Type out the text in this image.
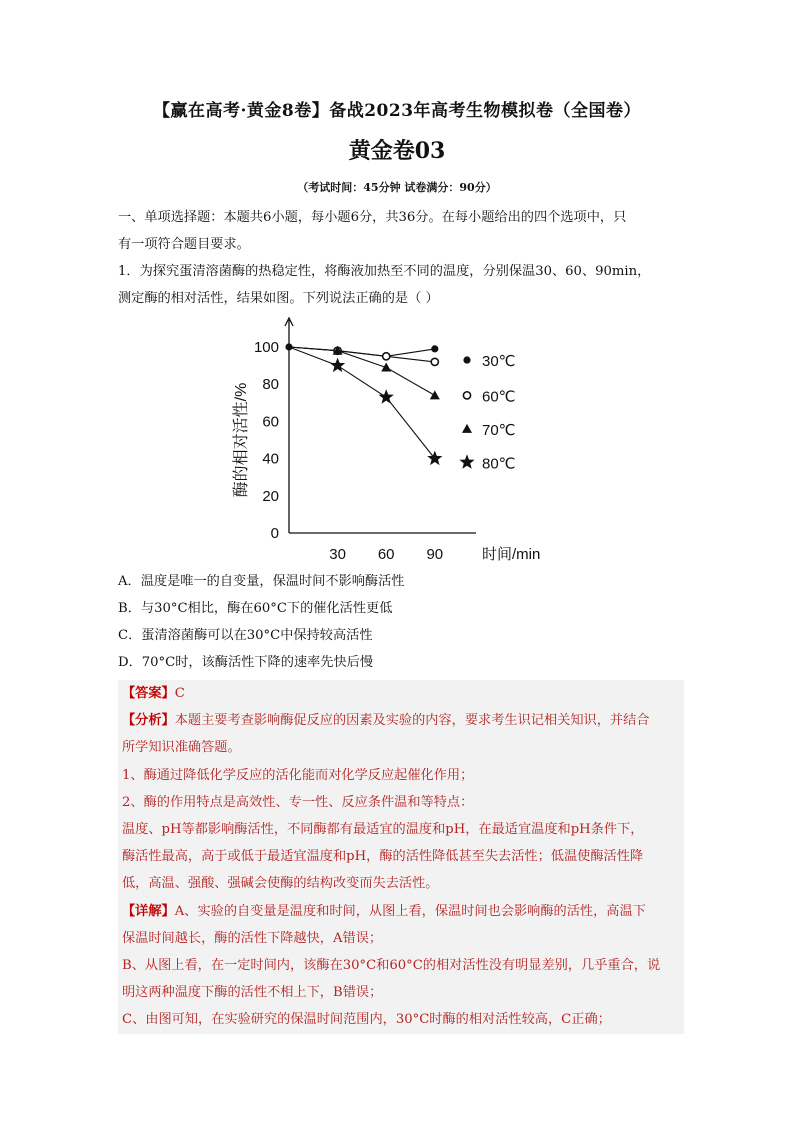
【赢在高考·黄金8卷】备战2023年高考生物模拟卷（全国卷）
黄金卷03
（考试时间：45分钟 试卷满分：90分）
一、单项选择题：本题共6小题，每小题6分，共36分。在每小题给出的四个选项中，只
有一项符合题目要求。
1．为探究蛋清溶菌酶的热稳定性，将酶液加热至不同的温度，分别保温30、60、90min，
测定酶的相对活性，结果如图。下列说法正确的是（ ）
0
20
40
60
80
100
30 60 90	时间/min
酶的相对活性/%
30℃
60℃
70℃
80℃
A．温度是唯一的自变量，保温时间不影响酶活性
B．与30°C相比，酶在60°C下的催化活性更低
C．蛋清溶菌酶可以在30°C中保持较高活性
D．70°C时，该酶活性下降的速率先快后慢
【答案】C
【分析】本题主要考查影响酶促反应的因素及实验的内容，要求考生识记相关知识，并结合
所学知识准确答题。
1、酶通过降低化学反应的活化能而对化学反应起催化作用；
2、酶的作用特点是高效性、专一性、反应条件温和等特点：
温度、pH等都影响酶活性，不同酶都有最适宜的温度和pH，在最适宜温度和pH条件下，
酶活性最高，高于或低于最适宜温度和pH，酶的活性降低甚至失去活性；低温使酶活性降
低，高温、强酸、强碱会使酶的结构改变而失去活性。
【详解】A、实验的自变量是温度和时间，从图上看，保温时间也会影响酶的活性，高温下
保温时间越长，酶的活性下降越快，A错误；
B、从图上看，在一定时间内，该酶在30°C和60°C的相对活性没有明显差别，几乎重合，说
明这两种温度下酶的活性不相上下，B错误；
C、由图可知，在实验研究的保温时间范围内，30°C时酶的相对活性较高，C正确；
